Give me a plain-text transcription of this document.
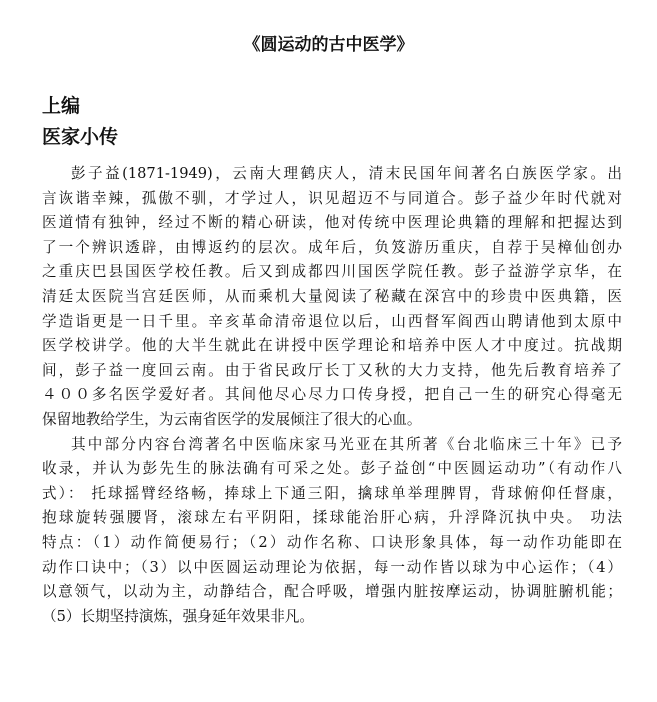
《圆运动的古中医学》
上编
医家小传
彭子益(1871-1949)，云南大理鹤庆人，清末民国年间著名白族医学家。出
言诙谐幸辣，孤傲不驯，才学过人，识见超迈不与同道合。彭子益少年时代就对
医道情有独钟，经过不断的精心研读，他对传统中医理论典籍的理解和把握达到
了一个辨识透辟，由博返约的层次。成年后，负笈游历重庆，自荐于吴樟仙创办
之重庆巴县国医学校任教。后又到成都四川国医学院任教。彭子益游学京华，在
清廷太医院当宫廷医师，从而乘机大量阅读了秘藏在深宫中的珍贵中医典籍，医
学造诣更是一日千里。辛亥革命清帝退位以后，山西督军阎西山聘请他到太原中
医学校讲学。他的大半生就此在讲授中医学理论和培养中医人才中度过。抗战期
间，彭子益一度回云南。由于省民政厅长丁又秋的大力支持，他先后教育培养了
４００多名医学爱好者。其间他尽心尽力口传身授，把自己一生的研究心得毫无
保留地教给学生，为云南省医学的发展倾注了很大的心血。
其中部分内容台湾著名中医临床家马光亚在其所著《台北临床三十年》已予
收录，并认为彭先生的脉法确有可采之处。彭子益创“中医圆运动功”（有动作八
式）： 托球摇臂经络畅，捧球上下通三阳，擒球单举理脾胃，背球俯仰任督康，
抱球旋转强腰肾，滚球左右平阴阳，揉球能治肝心病，升浮降沉执中央。 功法
特点：（1）动作简便易行；（2）动作名称、口诀形象具体，每一动作功能即在
动作口诀中；（3）以中医圆运动理论为依据，每一动作皆以球为中心运作；（4）
以意领气，以动为主，动静结合，配合呼吸，增强内脏按摩运动，协调脏腑机能；
（5）长期坚持演炼，强身延年效果非凡。
